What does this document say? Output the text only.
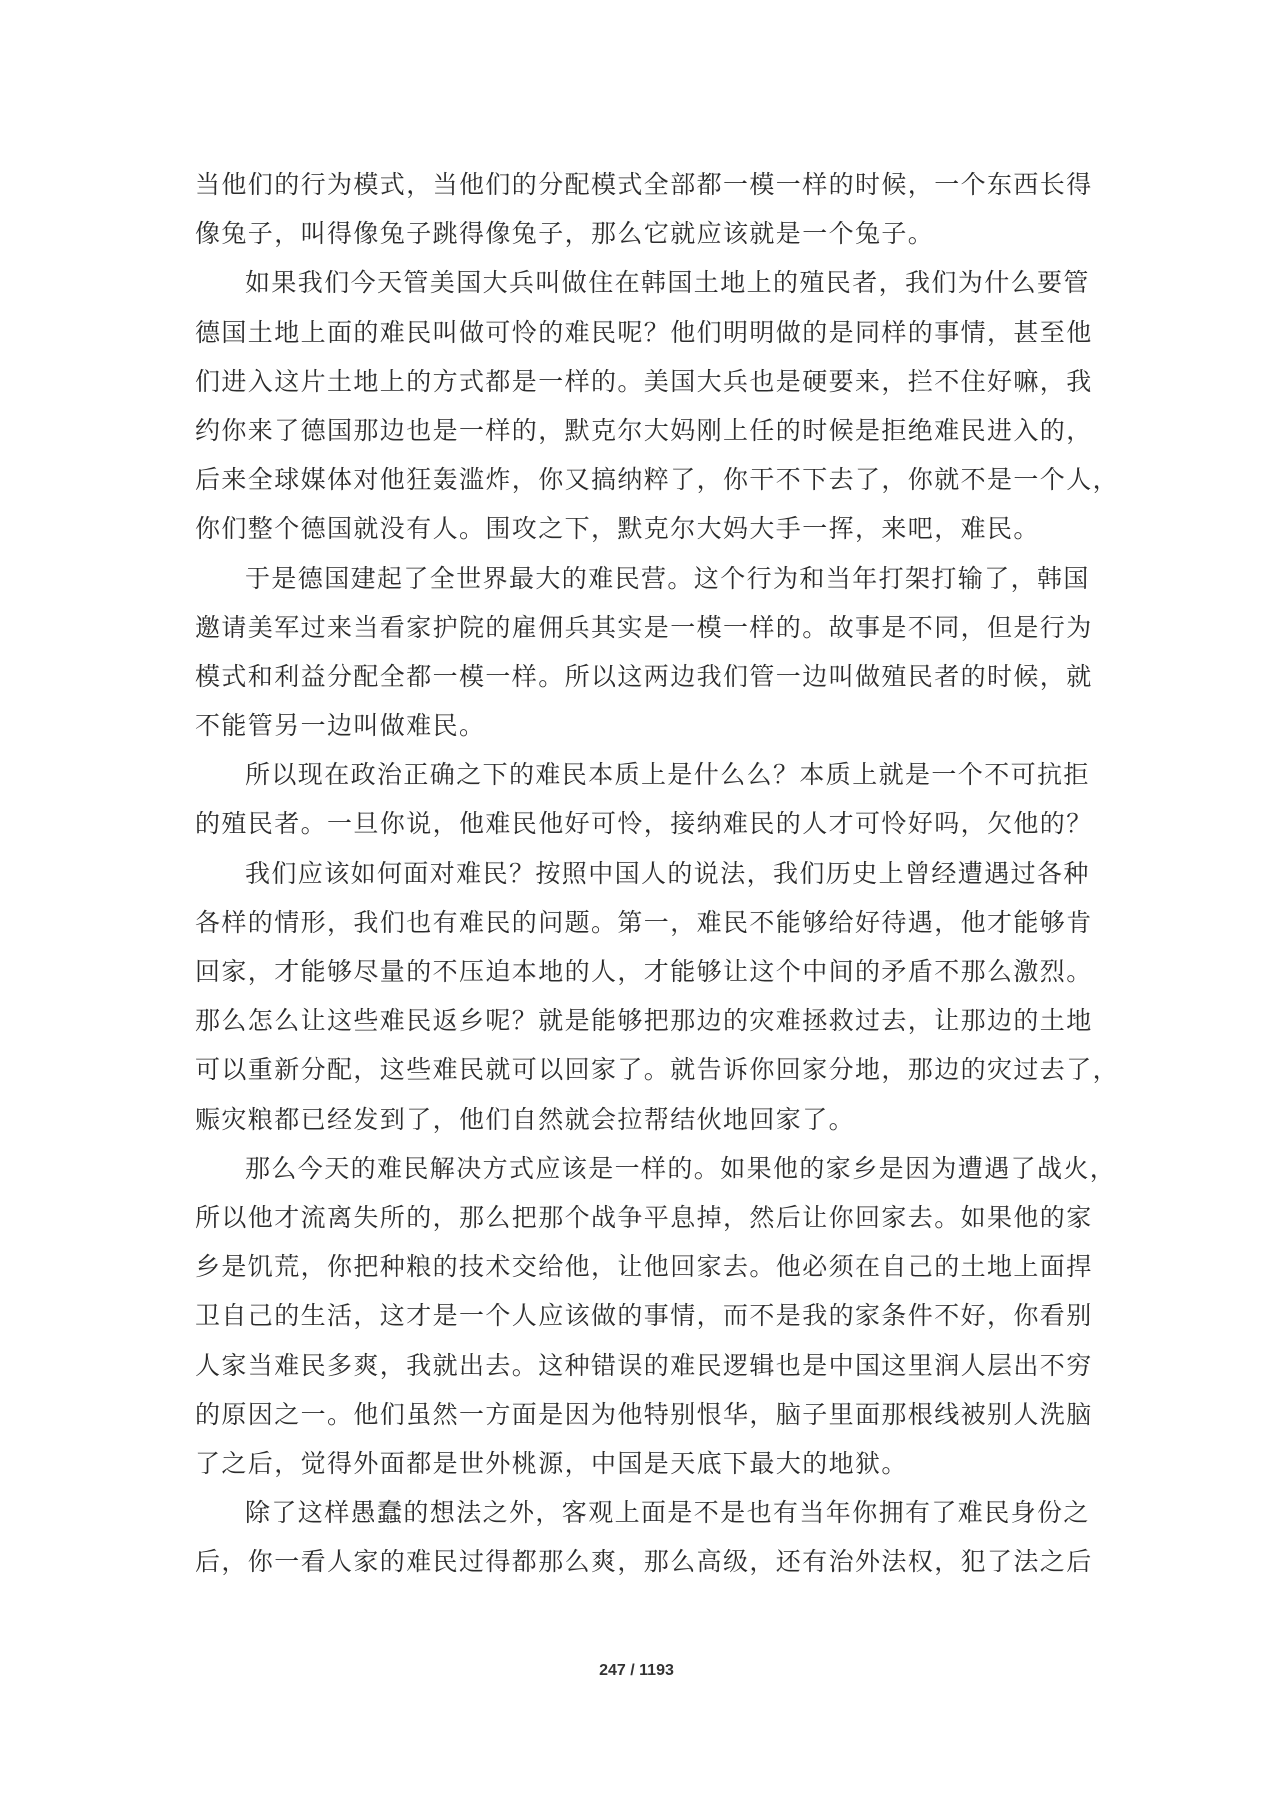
当他们的行为模式，当他们的分配模式全部都一模一样的时候，一个东西长得
像兔子，叫得像兔子跳得像兔子，那么它就应该就是一个兔子。
如果我们今天管美国大兵叫做住在韩国土地上的殖民者，我们为什么要管
德国土地上面的难民叫做可怜的难民呢？他们明明做的是同样的事情，甚至他
们进入这片土地上的方式都是一样的。美国大兵也是硬要来，拦不住好嘛，我
约你来了德国那边也是一样的，默克尔大妈刚上任的时候是拒绝难民进入的，
后来全球媒体对他狂轰滥炸，你又搞纳粹了，你干不下去了，你就不是一个人，
你们整个德国就没有人。围攻之下，默克尔大妈大手一挥，来吧，难民。
于是德国建起了全世界最大的难民营。这个行为和当年打架打输了，韩国
邀请美军过来当看家护院的雇佣兵其实是一模一样的。故事是不同，但是行为
模式和利益分配全都一模一样。所以这两边我们管一边叫做殖民者的时候，就
不能管另一边叫做难民。
所以现在政治正确之下的难民本质上是什么么？本质上就是一个不可抗拒
的殖民者。一旦你说，他难民他好可怜，接纳难民的人才可怜好吗，欠他的？
我们应该如何面对难民？按照中国人的说法，我们历史上曾经遭遇过各种
各样的情形，我们也有难民的问题。第一，难民不能够给好待遇，他才能够肯
回家，才能够尽量的不压迫本地的人，才能够让这个中间的矛盾不那么激烈。
那么怎么让这些难民返乡呢？就是能够把那边的灾难拯救过去，让那边的土地
可以重新分配，这些难民就可以回家了。就告诉你回家分地，那边的灾过去了，
赈灾粮都已经发到了，他们自然就会拉帮结伙地回家了。
那么今天的难民解决方式应该是一样的。如果他的家乡是因为遭遇了战火，
所以他才流离失所的，那么把那个战争平息掉，然后让你回家去。如果他的家
乡是饥荒，你把种粮的技术交给他，让他回家去。他必须在自己的土地上面捍
卫自己的生活，这才是一个人应该做的事情，而不是我的家条件不好，你看别
人家当难民多爽，我就出去。这种错误的难民逻辑也是中国这里润人层出不穷
的原因之一。他们虽然一方面是因为他特别恨华，脑子里面那根线被别人洗脑
了之后，觉得外面都是世外桃源，中国是天底下最大的地狱。
除了这样愚蠢的想法之外，客观上面是不是也有当年你拥有了难民身份之
后，你一看人家的难民过得都那么爽，那么高级，还有治外法权，犯了法之后
247 / 1193
